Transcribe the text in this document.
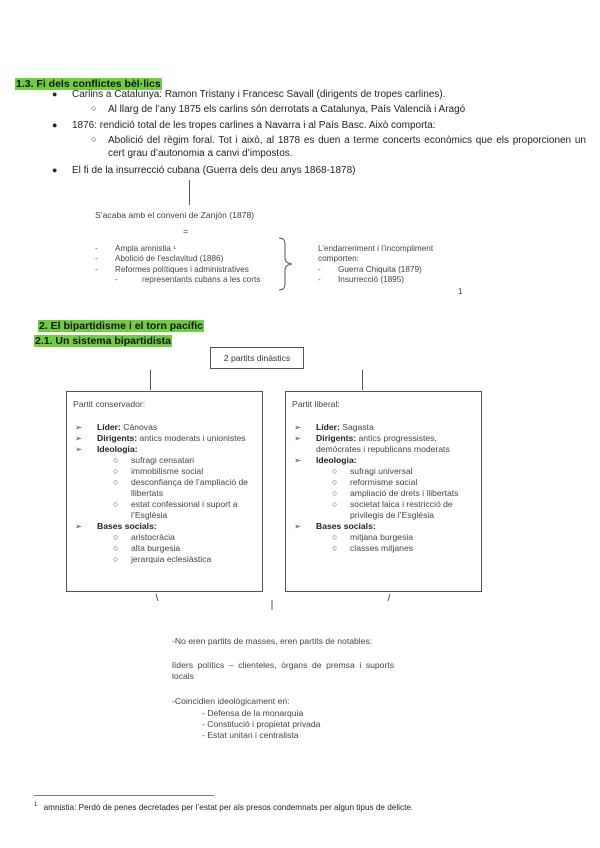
1.3. Fi dels conflictes bèl·lics
● Carlins a Catalunya: Ramon Tristany i Francesc Savall (dirigents de tropes carlines).
○ Al llarg de l’any 1875 els carlins són derrotats a Catalunya, País Valencià i Aragó
● 1876: rendició total de les tropes carlines a Navarra i al País Basc. Això comporta:
○ Abolició del règim foral. Tot i això, al 1878 es duen a terme concerts econòmics que els proporcionen un cert grau d’autonomia a canvi d’impostos.
● El fi de la insurrecció cubana (Guerra dels deu anys 1868-1878)
S’acaba amb el conveni de Zanjón (1878)
=
- Ampla amnistia ¹
- Abolició de l’esclavitud (1886)
- Reformes polítiques i administratives
-	representants cubans a les corts
L’endarreriment i l’incompliment comporten:
- Guerra Chiquita (1879)
- Insurrecció (1895)
1
2. El bipartidisme i el torn pacífic
2.1. Un sistema bipartidista
2 partits dinàstics
Partit conservador:
➢ Líder: Cánovas
➢ Dirigents: antics moderats i unionistes
➢ Ideologia:
○ sufragi censatari
○ immobilisme social
○ desconfiança de l’ampliació de llibertats
○ estat confessional i suport a l’Església
➢ Bases socials:
○ aristocràcia
○ alta burgesia
○ jerarquia eclesiàstica
Partit liberal:
➢ Líder: Sagasta
➢ Dirigents: antics progressistes, demòcrates i republicans moderats
➢ Ideologia:
○ sufragi universal
○ reformisme social
○ ampliació de drets i llibertats
○ societat laica i restricció de privilegis de l’Església
➢ Bases socials:
○ mitjana burgesia
○ classes mitjanes
-No eren partits de masses, eren partits de notables:
líders polítics – clienteles, òrgans de premsa i suports locals
-Coincidien ideològicament en:
- Defensa de la monarquia
- Constitució i propietat privada
- Estat unitari i centralista
$^1$ amnistia: Perdó de penes decretades per l’estat per als presos condemnats per algun tipus de delicte.
